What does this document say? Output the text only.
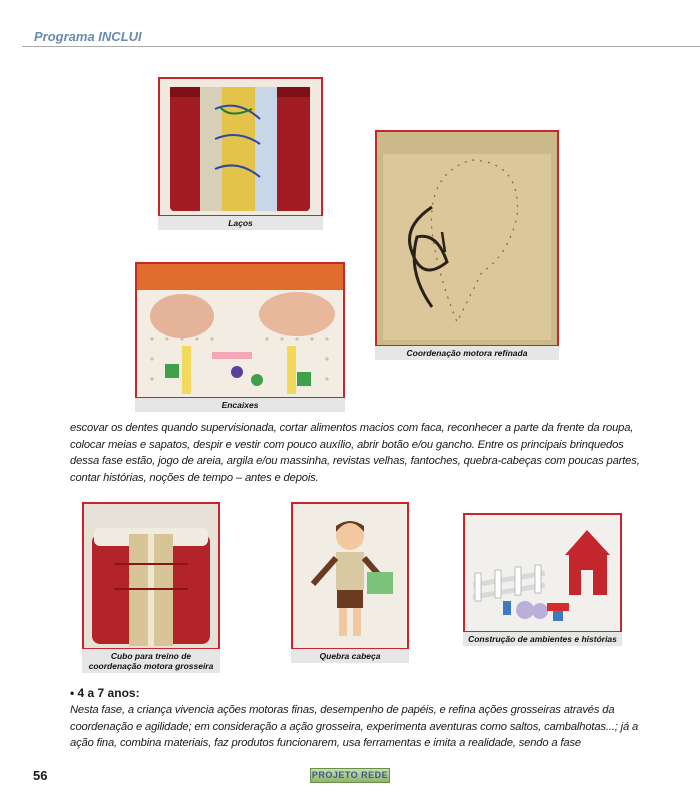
Programa INCLUI
Laços
Coordenação motora refinada
Encaixes
escovar os dentes quando supervisionada, cortar alimentos macios com faca, reconhecer a parte da frente da roupa, colocar meias e sapatos, despir e vestir com pouco auxílio, abrir botão e/ou gancho. Entre os principais brinquedos dessa fase estão, jogo de areia, argila e/ou massinha, revistas velhas, fantoches, quebra-cabeças com poucas partes, contar histórias, noções de tempo – antes e depois.
Cubo para treino de coordenação motora grosseira
Quebra cabeça
Construção de ambientes e histórias
• 4 a 7 anos:
Nesta fase, a criança vivencia ações motoras finas, desempenho de papéis, e refina ações grosseiras através da coordenação e agilidade; em consideração a ação grosseira, experimenta aventuras como saltos, cambalhotas...; já a ação fina, combina materiais, faz produtos funcionarem, usa ferramentas e imita a realidade, sendo a fase
56	PROJETO REDE
